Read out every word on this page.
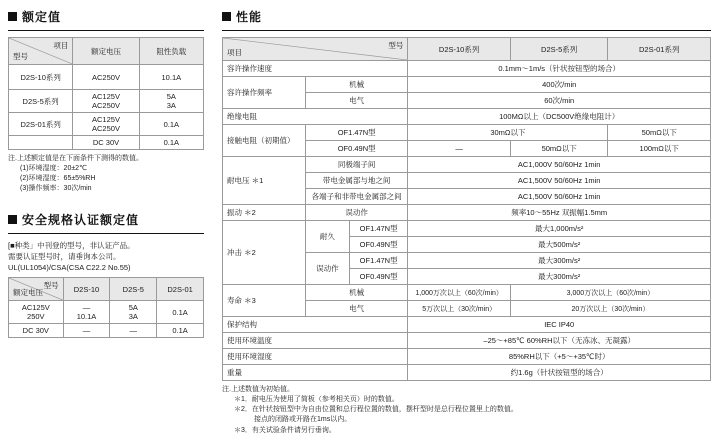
额定值
项目
型号	额定电压	阻性负载
D2S-10系列	AC250V	10.1A
D2S-5系列	AC125V	5A
	AC250V	3A
D2S-01系列	AC125V	0.1A
	AC250V	
	DC 30V	0.1A
注.上述额定值是在下面条件下测得的数值。

(1)环境湿度：20±2℃
(2)环境湿度：65±5%RH
(3)操作频率：30次/min
安全规格认证额定值
[■种类」中刊登的型号，非认证产品。
需要认证型号时，请垂询本公司。
UL(UL1054)/CSA(CSA C22.2 No.55)
型号
额定电压	D2S-10	D2S-5	D2S-01
AC125V	—	5A	0.1A
250V	10.1A	3A	
DC 30V	—	—	0.1A
性能
型号
项目			D2S-10系列	D2S-5系列	D2S-01系列
容许操作速度			0.1mm～1m/s（针状按钮型的场合）		
容许操作频率	机械		400次/min		
	电气		60次/min		
绝缘电阻			100MΩ以上（DC500V绝缘电阻计）		
接触电阻（初期值）	OF1.47N型		30mΩ以下		50mΩ以下
	OF0.49N型		—	50mΩ以下	100mΩ以下
耐电压 ＊1	同极端子间		AC1,000V 50/60Hz 1min		
	带电金属部与地之间		AC1,500V 50/60Hz 1min		
	各端子和非带电金属部之间		AC1,500V 50/60Hz 1min		
振动 ＊2	误动作		频率10～55Hz 双振幅1.5mm		
冲击 ＊2	耐久	OF1.47N型	最大1,000m/s²		
		OF0.49N型	最大500m/s²		
	误动作	OF1.47N型	最大300m/s²		
		OF0.49N型	最大300m/s²		
寿命 ＊3	机械		1,000万次以上（60次/min）	3,000万次以上（60次/min）	
	电气		5万次以上（30次/min）	20万次以上（30次/min）	
保护结构			IEC IP40		
使用环境温度			–25～+85℃ 60%RH以下（无冻冰、无凝露）		
使用环境湿度			85%RH以下（+5～+35℃时）		
重量			约1.6g（针状按钮型的场合）		
注.上述数值为初始值。

＊1．耐电压为使用了简板（参考相关页）时的数值。
＊2．在针状按钮型中为自由位置和总行程位置的数值，摆杆型时是总行程位置里上的数值。
　　接点的闭路或开路在1ms以内。
＊3．有关试验条件请另行垂询。
